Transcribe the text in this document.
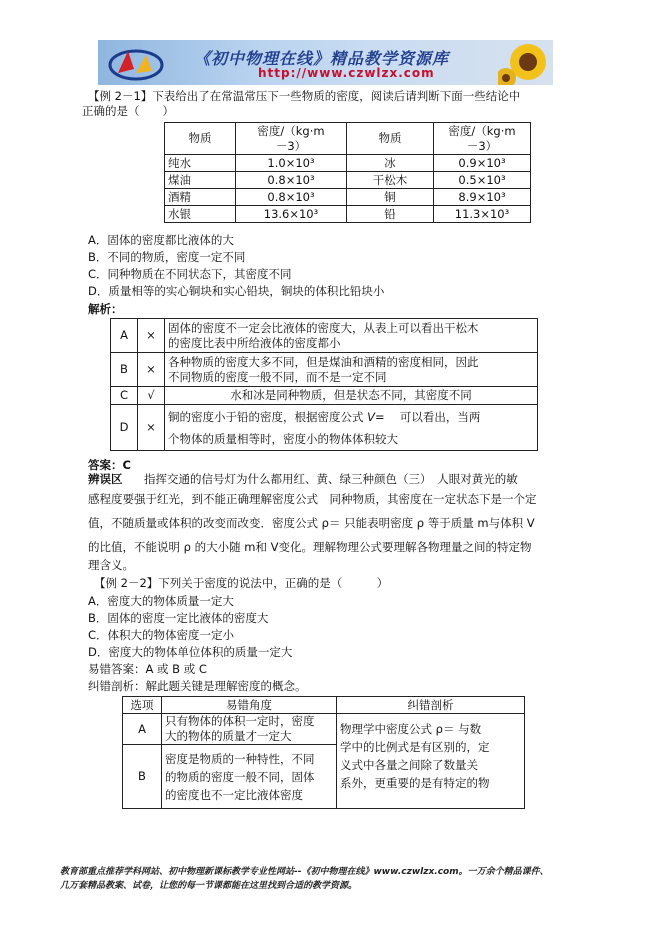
《初中物理在线》精品教学资源库
http://www.czwlzx.com
【例 2－1】下表给出了在常温常压下一些物质的密度，阅读后请判断下面一些结论中
正确的是（　　）
物质	密度/（kg·m
－3）	物质	密度/（kg·m
－3）
纯水	1.0×10³	冰	0.9×10³
煤油	0.8×10³	干松木	0.5×10³
酒精	0.8×10³	铜	8.9×10³
水银	13.6×10³	铅	11.3×10³
A．固体的密度都比液体的大
B．不同的物质，密度一定不同
C．同种物质在不同状态下，其密度不同
D．质量相等的实心铜块和实心铅块，铜块的体积比铅块小
解析：
A	×	固体的密度不一定会比液体的密度大，从表上可以看出干松木
的密度比表中所给液体的密度都小
B	×	各种物质的密度大多不同，但是煤油和酒精的密度相同，因此
不同物质的密度一般不同，而不是一定不同
C	√	水和冰是同种物质，但是状态不同，其密度不同
D	×	铜的密度小于铅的密度，根据密度公式 V=　 可以看出，当两
个物体的质量相等时，密度小的物体体积较大
答案：C
辨误区 指挥交通的信号灯为什么都用红、黄、绿三种颜色（三）　人眼对黄光的敏
感程度要强于红光，到不能正确理解密度公式　同种物质，其密度在一定状态下是一个定
值，不随质量或体积的改变而改变．密度公式 ρ＝ 只能表明密度 ρ 等于质量 m与体积 V
的比值，不能说明 ρ 的大小随 m和 V变化。理解物理公式要理解各物理量之间的特定物
理含义。
【例 2－2】下列关于密度的说法中，正确的是（　　　）
A．密度大的物体质量一定大
B．固体的密度一定比液体的密度大
C．体积大的物体密度一定小
D．密度大的物体单位体积的质量一定大
易错答案：A 或 B 或 C
纠错剖析：解此题关键是理解密度的概念。
选项	易错角度	纠错剖析
A	只有物体的体积一定时，密度
大的物体的质量才一定大	物理学中密度公式 ρ＝ 与数
学中的比例式是有区别的，定
义式中各量之间除了数量关
系外，更重要的是有特定的物
B	密度是物质的一种特性，不同
的物质的密度一般不同，固体
的密度也不一定比液体密度	
教育部重点推荐学科网站、初中物理新课标教学专业性网站--《初中物理在线》www.czwlzx.com。一万余个精品课件、
几万套精品教案、试卷，让您的每一节课都能在这里找到合适的教学资源。
